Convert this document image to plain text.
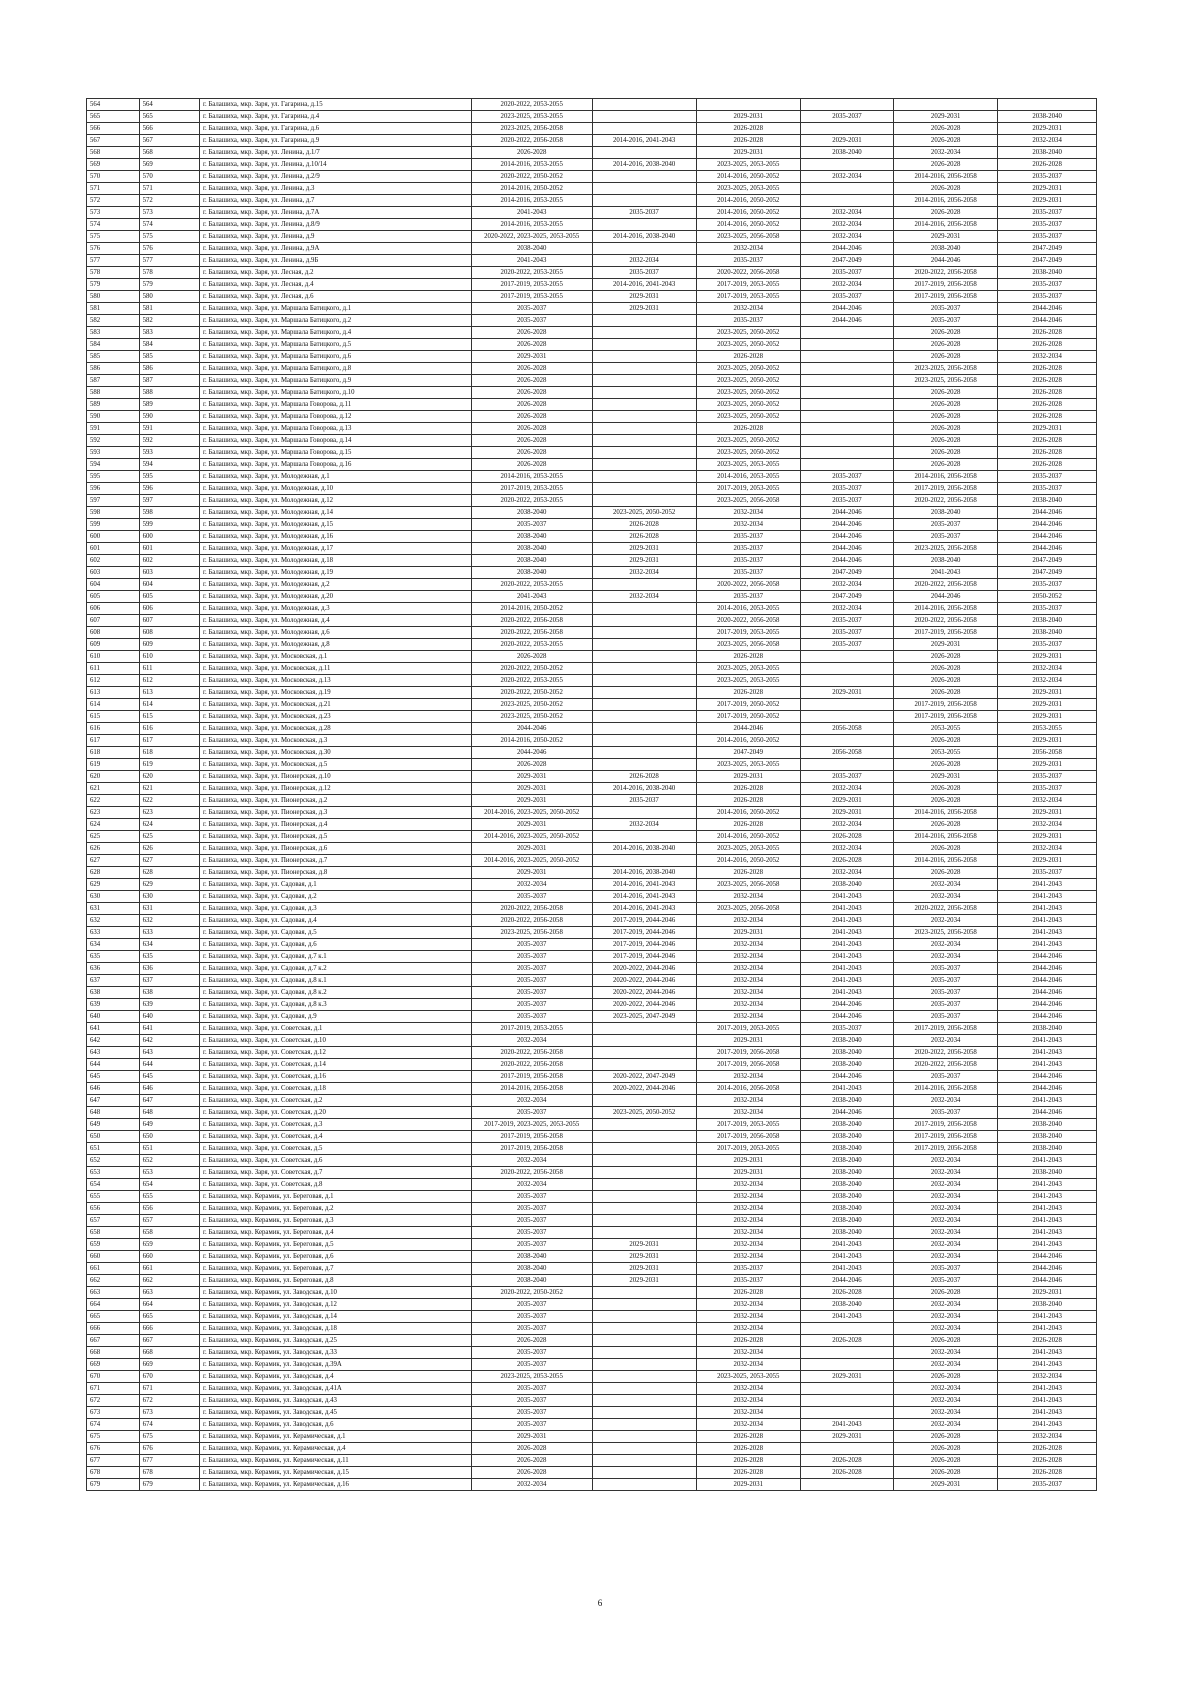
564	564	г. Балашиха, мкр. Заря, ул. Гагарина, д.15	2020-2022, 2053-2055					
565	565	г. Балашиха, мкр. Заря, ул. Гагарина, д.4	2023-2025, 2053-2055		2029-2031	2035-2037	2029-2031	2038-2040
566	566	г. Балашиха, мкр. Заря, ул. Гагарина, д.6	2023-2025, 2056-2058		2026-2028		2026-2028	2029-2031
567	567	г. Балашиха, мкр. Заря, ул. Гагарина, д.9	2020-2022, 2056-2058	2014-2016, 2041-2043	2026-2028	2029-2031	2026-2028	2032-2034
568	568	г. Балашиха, мкр. Заря, ул. Ленина, д.1/7	2026-2028		2029-2031	2038-2040	2032-2034	2038-2040
569	569	г. Балашиха, мкр. Заря, ул. Ленина, д.10/14	2014-2016, 2053-2055	2014-2016, 2038-2040	2023-2025, 2053-2055		2026-2028	2026-2028
570	570	г. Балашиха, мкр. Заря, ул. Ленина, д.2/9	2020-2022, 2050-2052		2014-2016, 2050-2052	2032-2034	2014-2016, 2056-2058	2035-2037
571	571	г. Балашиха, мкр. Заря, ул. Ленина, д.3	2014-2016, 2050-2052		2023-2025, 2053-2055		2026-2028	2029-2031
572	572	г. Балашиха, мкр. Заря, ул. Ленина, д.7	2014-2016, 2053-2055		2014-2016, 2050-2052		2014-2016, 2056-2058	2029-2031
573	573	г. Балашиха, мкр. Заря, ул. Ленина, д.7А	2041-2043	2035-2037	2014-2016, 2050-2052	2032-2034	2026-2028	2035-2037
574	574	г. Балашиха, мкр. Заря, ул. Ленина, д.8/9	2014-2016, 2053-2055		2014-2016, 2050-2052	2032-2034	2014-2016, 2056-2058	2035-2037
575	575	г. Балашиха, мкр. Заря, ул. Ленина, д.9	2020-2022, 2023-2025, 2053-2055	2014-2016, 2038-2040	2023-2025, 2056-2058	2032-2034	2029-2031	2035-2037
576	576	г. Балашиха, мкр. Заря, ул. Ленина, д.9А	2038-2040		2032-2034	2044-2046	2038-2040	2047-2049
577	577	г. Балашиха, мкр. Заря, ул. Ленина, д.9Б	2041-2043	2032-2034	2035-2037	2047-2049	2044-2046	2047-2049
578	578	г. Балашиха, мкр. Заря, ул. Лесная, д.2	2020-2022, 2053-2055	2035-2037	2020-2022, 2056-2058	2035-2037	2020-2022, 2056-2058	2038-2040
579	579	г. Балашиха, мкр. Заря, ул. Лесная, д.4	2017-2019, 2053-2055	2014-2016, 2041-2043	2017-2019, 2053-2055	2032-2034	2017-2019, 2056-2058	2035-2037
580	580	г. Балашиха, мкр. Заря, ул. Лесная, д.6	2017-2019, 2053-2055	2029-2031	2017-2019, 2053-2055	2035-2037	2017-2019, 2056-2058	2035-2037
581	581	г. Балашиха, мкр. Заря, ул. Маршала Батицкого, д.1	2035-2037	2029-2031	2032-2034	2044-2046	2035-2037	2044-2046
582	582	г. Балашиха, мкр. Заря, ул. Маршала Батицкого, д.2	2035-2037		2035-2037	2044-2046	2035-2037	2044-2046
583	583	г. Балашиха, мкр. Заря, ул. Маршала Батицкого, д.4	2026-2028		2023-2025, 2050-2052		2026-2028	2026-2028
584	584	г. Балашиха, мкр. Заря, ул. Маршала Батицкого, д.5	2026-2028		2023-2025, 2050-2052		2026-2028	2026-2028
585	585	г. Балашиха, мкр. Заря, ул. Маршала Батицкого, д.6	2029-2031		2026-2028		2026-2028	2032-2034
586	586	г. Балашиха, мкр. Заря, ул. Маршала Батицкого, д.8	2026-2028		2023-2025, 2050-2052		2023-2025, 2056-2058	2026-2028
587	587	г. Балашиха, мкр. Заря, ул. Маршала Батицкого, д.9	2026-2028		2023-2025, 2050-2052		2023-2025, 2056-2058	2026-2028
588	588	г. Балашиха, мкр. Заря, ул. Маршала Батицкого, д.10	2026-2028		2023-2025, 2050-2052		2026-2028	2026-2028
589	589	г. Балашиха, мкр. Заря, ул. Маршала Говорова, д.11	2026-2028		2023-2025, 2050-2052		2026-2028	2026-2028
590	590	г. Балашиха, мкр. Заря, ул. Маршала Говорова, д.12	2026-2028		2023-2025, 2050-2052		2026-2028	2026-2028
591	591	г. Балашиха, мкр. Заря, ул. Маршала Говорова, д.13	2026-2028		2026-2028		2026-2028	2029-2031
592	592	г. Балашиха, мкр. Заря, ул. Маршала Говорова, д.14	2026-2028		2023-2025, 2050-2052		2026-2028	2026-2028
593	593	г. Балашиха, мкр. Заря, ул. Маршала Говорова, д.15	2026-2028		2023-2025, 2050-2052		2026-2028	2026-2028
594	594	г. Балашиха, мкр. Заря, ул. Маршала Говорова, д.16	2026-2028		2023-2025, 2053-2055		2026-2028	2026-2028
595	595	г. Балашиха, мкр. Заря, ул. Молодежная, д.1	2014-2016, 2053-2055		2014-2016, 2053-2055	2035-2037	2014-2016, 2056-2058	2035-2037
596	596	г. Балашиха, мкр. Заря, ул. Молодежная, д.10	2017-2019, 2053-2055		2017-2019, 2053-2055	2035-2037	2017-2019, 2056-2058	2035-2037
597	597	г. Балашиха, мкр. Заря, ул. Молодежная, д.12	2020-2022, 2053-2055		2023-2025, 2056-2058	2035-2037	2020-2022, 2056-2058	2038-2040
598	598	г. Балашиха, мкр. Заря, ул. Молодежная, д.14	2038-2040	2023-2025, 2050-2052	2032-2034	2044-2046	2038-2040	2044-2046
599	599	г. Балашиха, мкр. Заря, ул. Молодежная, д.15	2035-2037	2026-2028	2032-2034	2044-2046	2035-2037	2044-2046
600	600	г. Балашиха, мкр. Заря, ул. Молодежная, д.16	2038-2040	2026-2028	2035-2037	2044-2046	2035-2037	2044-2046
601	601	г. Балашиха, мкр. Заря, ул. Молодежная, д.17	2038-2040	2029-2031	2035-2037	2044-2046	2023-2025, 2056-2058	2044-2046
602	602	г. Балашиха, мкр. Заря, ул. Молодежная, д.18	2038-2040	2029-2031	2035-2037	2044-2046	2038-2040	2047-2049
603	603	г. Балашиха, мкр. Заря, ул. Молодежная, д.19	2038-2040	2032-2034	2035-2037	2047-2049	2041-2043	2047-2049
604	604	г. Балашиха, мкр. Заря, ул. Молодежная, д.2	2020-2022, 2053-2055		2020-2022, 2056-2058	2032-2034	2020-2022, 2056-2058	2035-2037
605	605	г. Балашиха, мкр. Заря, ул. Молодежная, д.20	2041-2043	2032-2034	2035-2037	2047-2049	2044-2046	2050-2052
606	606	г. Балашиха, мкр. Заря, ул. Молодежная, д.3	2014-2016, 2050-2052		2014-2016, 2053-2055	2032-2034	2014-2016, 2056-2058	2035-2037
607	607	г. Балашиха, мкр. Заря, ул. Молодежная, д.4	2020-2022, 2056-2058		2020-2022, 2056-2058	2035-2037	2020-2022, 2056-2058	2038-2040
608	608	г. Балашиха, мкр. Заря, ул. Молодежная, д.6	2020-2022, 2056-2058		2017-2019, 2053-2055	2035-2037	2017-2019, 2056-2058	2038-2040
609	609	г. Балашиха, мкр. Заря, ул. Молодежная, д.8	2020-2022, 2053-2055		2023-2025, 2056-2058	2035-2037	2029-2031	2035-2037
610	610	г. Балашиха, мкр. Заря, ул. Московская, д.1	2026-2028		2026-2028		2026-2028	2029-2031
611	611	г. Балашиха, мкр. Заря, ул. Московская, д.11	2020-2022, 2050-2052		2023-2025, 2053-2055		2026-2028	2032-2034
612	612	г. Балашиха, мкр. Заря, ул. Московская, д.13	2020-2022, 2053-2055		2023-2025, 2053-2055		2026-2028	2032-2034
613	613	г. Балашиха, мкр. Заря, ул. Московская, д.19	2020-2022, 2050-2052		2026-2028	2029-2031	2026-2028	2029-2031
614	614	г. Балашиха, мкр. Заря, ул. Московская, д.21	2023-2025, 2050-2052		2017-2019, 2050-2052		2017-2019, 2056-2058	2029-2031
615	615	г. Балашиха, мкр. Заря, ул. Московская, д.23	2023-2025, 2050-2052		2017-2019, 2050-2052		2017-2019, 2056-2058	2029-2031
616	616	г. Балашиха, мкр. Заря, ул. Московская, д.28	2044-2046		2044-2046	2056-2058	2053-2055	2053-2055
617	617	г. Балашиха, мкр. Заря, ул. Московская, д.3	2014-2016, 2050-2052		2014-2016, 2050-2052		2026-2028	2029-2031
618	618	г. Балашиха, мкр. Заря, ул. Московская, д.30	2044-2046		2047-2049	2056-2058	2053-2055	2056-2058
619	619	г. Балашиха, мкр. Заря, ул. Московская, д.5	2026-2028		2023-2025, 2053-2055		2026-2028	2029-2031
620	620	г. Балашиха, мкр. Заря, ул. Пионерская, д.10	2029-2031	2026-2028	2029-2031	2035-2037	2029-2031	2035-2037
621	621	г. Балашиха, мкр. Заря, ул. Пионерская, д.12	2029-2031	2014-2016, 2038-2040	2026-2028	2032-2034	2026-2028	2035-2037
622	622	г. Балашиха, мкр. Заря, ул. Пионерская, д.2	2029-2031	2035-2037	2026-2028	2029-2031	2026-2028	2032-2034
623	623	г. Балашиха, мкр. Заря, ул. Пионерская, д.3	2014-2016, 2023-2025, 2050-2052		2014-2016, 2050-2052	2029-2031	2014-2016, 2056-2058	2029-2031
624	624	г. Балашиха, мкр. Заря, ул. Пионерская, д.4	2029-2031	2032-2034	2026-2028	2032-2034	2026-2028	2032-2034
625	625	г. Балашиха, мкр. Заря, ул. Пионерская, д.5	2014-2016, 2023-2025, 2050-2052		2014-2016, 2050-2052	2026-2028	2014-2016, 2056-2058	2029-2031
626	626	г. Балашиха, мкр. Заря, ул. Пионерская, д.6	2029-2031	2014-2016, 2038-2040	2023-2025, 2053-2055	2032-2034	2026-2028	2032-2034
627	627	г. Балашиха, мкр. Заря, ул. Пионерская, д.7	2014-2016, 2023-2025, 2050-2052		2014-2016, 2050-2052	2026-2028	2014-2016, 2056-2058	2029-2031
628	628	г. Балашиха, мкр. Заря, ул. Пионерская, д.8	2029-2031	2014-2016, 2038-2040	2026-2028	2032-2034	2026-2028	2035-2037
629	629	г. Балашиха, мкр. Заря, ул. Садовая, д.1	2032-2034	2014-2016, 2041-2043	2023-2025, 2056-2058	2038-2040	2032-2034	2041-2043
630	630	г. Балашиха, мкр. Заря, ул. Садовая, д.2	2035-2037	2014-2016, 2041-2043	2032-2034	2041-2043	2032-2034	2041-2043
631	631	г. Балашиха, мкр. Заря, ул. Садовая, д.3	2020-2022, 2056-2058	2014-2016, 2041-2043	2023-2025, 2056-2058	2041-2043	2020-2022, 2056-2058	2041-2043
632	632	г. Балашиха, мкр. Заря, ул. Садовая, д.4	2020-2022, 2056-2058	2017-2019, 2044-2046	2032-2034	2041-2043	2032-2034	2041-2043
633	633	г. Балашиха, мкр. Заря, ул. Садовая, д.5	2023-2025, 2056-2058	2017-2019, 2044-2046	2029-2031	2041-2043	2023-2025, 2056-2058	2041-2043
634	634	г. Балашиха, мкр. Заря, ул. Садовая, д.6	2035-2037	2017-2019, 2044-2046	2032-2034	2041-2043	2032-2034	2041-2043
635	635	г. Балашиха, мкр. Заря, ул. Садовая, д.7 к.1	2035-2037	2017-2019, 2044-2046	2032-2034	2041-2043	2032-2034	2044-2046
636	636	г. Балашиха, мкр. Заря, ул. Садовая, д.7 к.2	2035-2037	2020-2022, 2044-2046	2032-2034	2041-2043	2035-2037	2044-2046
637	637	г. Балашиха, мкр. Заря, ул. Садовая, д.8 к.1	2035-2037	2020-2022, 2044-2046	2032-2034	2041-2043	2035-2037	2044-2046
638	638	г. Балашиха, мкр. Заря, ул. Садовая, д.8 к.2	2035-2037	2020-2022, 2044-2046	2032-2034	2041-2043	2035-2037	2044-2046
639	639	г. Балашиха, мкр. Заря, ул. Садовая, д.8 к.3	2035-2037	2020-2022, 2044-2046	2032-2034	2044-2046	2035-2037	2044-2046
640	640	г. Балашиха, мкр. Заря, ул. Садовая, д.9	2035-2037	2023-2025, 2047-2049	2032-2034	2044-2046	2035-2037	2044-2046
641	641	г. Балашиха, мкр. Заря, ул. Советская, д.1	2017-2019, 2053-2055		2017-2019, 2053-2055	2035-2037	2017-2019, 2056-2058	2038-2040
642	642	г. Балашиха, мкр. Заря, ул. Советская, д.10	2032-2034		2029-2031	2038-2040	2032-2034	2041-2043
643	643	г. Балашиха, мкр. Заря, ул. Советская, д.12	2020-2022, 2056-2058		2017-2019, 2056-2058	2038-2040	2020-2022, 2056-2058	2041-2043
644	644	г. Балашиха, мкр. Заря, ул. Советская, д.14	2020-2022, 2056-2058		2017-2019, 2056-2058	2038-2040	2020-2022, 2056-2058	2041-2043
645	645	г. Балашиха, мкр. Заря, ул. Советская, д.16	2017-2019, 2056-2058	2020-2022, 2047-2049	2032-2034	2044-2046	2035-2037	2044-2046
646	646	г. Балашиха, мкр. Заря, ул. Советская, д.18	2014-2016, 2056-2058	2020-2022, 2044-2046	2014-2016, 2056-2058	2041-2043	2014-2016, 2056-2058	2044-2046
647	647	г. Балашиха, мкр. Заря, ул. Советская, д.2	2032-2034		2032-2034	2038-2040	2032-2034	2041-2043
648	648	г. Балашиха, мкр. Заря, ул. Советская, д.20	2035-2037	2023-2025, 2050-2052	2032-2034	2044-2046	2035-2037	2044-2046
649	649	г. Балашиха, мкр. Заря, ул. Советская, д.3	2017-2019, 2023-2025, 2053-2055		2017-2019, 2053-2055	2038-2040	2017-2019, 2056-2058	2038-2040
650	650	г. Балашиха, мкр. Заря, ул. Советская, д.4	2017-2019, 2056-2058		2017-2019, 2056-2058	2038-2040	2017-2019, 2056-2058	2038-2040
651	651	г. Балашиха, мкр. Заря, ул. Советская, д.5	2017-2019, 2056-2058		2017-2019, 2053-2055	2038-2040	2017-2019, 2056-2058	2038-2040
652	652	г. Балашиха, мкр. Заря, ул. Советская, д.6	2032-2034		2029-2031	2038-2040	2032-2034	2041-2043
653	653	г. Балашиха, мкр. Заря, ул. Советская, д.7	2020-2022, 2056-2058		2029-2031	2038-2040	2032-2034	2038-2040
654	654	г. Балашиха, мкр. Заря, ул. Советская, д.8	2032-2034		2032-2034	2038-2040	2032-2034	2041-2043
655	655	г. Балашиха, мкр. Керамик, ул. Береговая, д.1	2035-2037		2032-2034	2038-2040	2032-2034	2041-2043
656	656	г. Балашиха, мкр. Керамик, ул. Береговая, д.2	2035-2037		2032-2034	2038-2040	2032-2034	2041-2043
657	657	г. Балашиха, мкр. Керамик, ул. Береговая, д.3	2035-2037		2032-2034	2038-2040	2032-2034	2041-2043
658	658	г. Балашиха, мкр. Керамик, ул. Береговая, д.4	2035-2037		2032-2034	2038-2040	2032-2034	2041-2043
659	659	г. Балашиха, мкр. Керамик, ул. Береговая, д.5	2035-2037	2029-2031	2032-2034	2041-2043	2032-2034	2041-2043
660	660	г. Балашиха, мкр. Керамик, ул. Береговая, д.6	2038-2040	2029-2031	2032-2034	2041-2043	2032-2034	2044-2046
661	661	г. Балашиха, мкр. Керамик, ул. Береговая, д.7	2038-2040	2029-2031	2035-2037	2041-2043	2035-2037	2044-2046
662	662	г. Балашиха, мкр. Керамик, ул. Береговая, д.8	2038-2040	2029-2031	2035-2037	2044-2046	2035-2037	2044-2046
663	663	г. Балашиха, мкр. Керамик, ул. Заводская, д.10	2020-2022, 2050-2052		2026-2028	2026-2028	2026-2028	2029-2031
664	664	г. Балашиха, мкр. Керамик, ул. Заводская, д.12	2035-2037		2032-2034	2038-2040	2032-2034	2038-2040
665	665	г. Балашиха, мкр. Керамик, ул. Заводская, д.14	2035-2037		2032-2034	2041-2043	2032-2034	2041-2043
666	666	г. Балашиха, мкр. Керамик, ул. Заводская, д.18	2035-2037		2032-2034		2032-2034	2041-2043
667	667	г. Балашиха, мкр. Керамик, ул. Заводская, д.25	2026-2028		2026-2028	2026-2028	2026-2028	2026-2028
668	668	г. Балашиха, мкр. Керамик, ул. Заводская, д.33	2035-2037		2032-2034		2032-2034	2041-2043
669	669	г. Балашиха, мкр. Керамик, ул. Заводская, д.39А	2035-2037		2032-2034		2032-2034	2041-2043
670	670	г. Балашиха, мкр. Керамик, ул. Заводская, д.4	2023-2025, 2053-2055		2023-2025, 2053-2055	2029-2031	2026-2028	2032-2034
671	671	г. Балашиха, мкр. Керамик, ул. Заводская, д.41А	2035-2037		2032-2034		2032-2034	2041-2043
672	672	г. Балашиха, мкр. Керамик, ул. Заводская, д.43	2035-2037		2032-2034		2032-2034	2041-2043
673	673	г. Балашиха, мкр. Керамик, ул. Заводская, д.45	2035-2037		2032-2034		2032-2034	2041-2043
674	674	г. Балашиха, мкр. Керамик, ул. Заводская, д.6	2035-2037		2032-2034	2041-2043	2032-2034	2041-2043
675	675	г. Балашиха, мкр. Керамик, ул. Керамическая, д.1	2029-2031		2026-2028	2029-2031	2026-2028	2032-2034
676	676	г. Балашиха, мкр. Керамик, ул. Керамическая, д.4	2026-2028		2026-2028		2026-2028	2026-2028
677	677	г. Балашиха, мкр. Керамик, ул. Керамическая, д.11	2026-2028		2026-2028	2026-2028	2026-2028	2026-2028
678	678	г. Балашиха, мкр. Керамик, ул. Керамическая, д.15	2026-2028		2026-2028	2026-2028	2026-2028	2026-2028
679	679	г. Балашиха, мкр. Керамик, ул. Керамическая, д.16	2032-2034		2029-2031		2029-2031	2035-2037
6
